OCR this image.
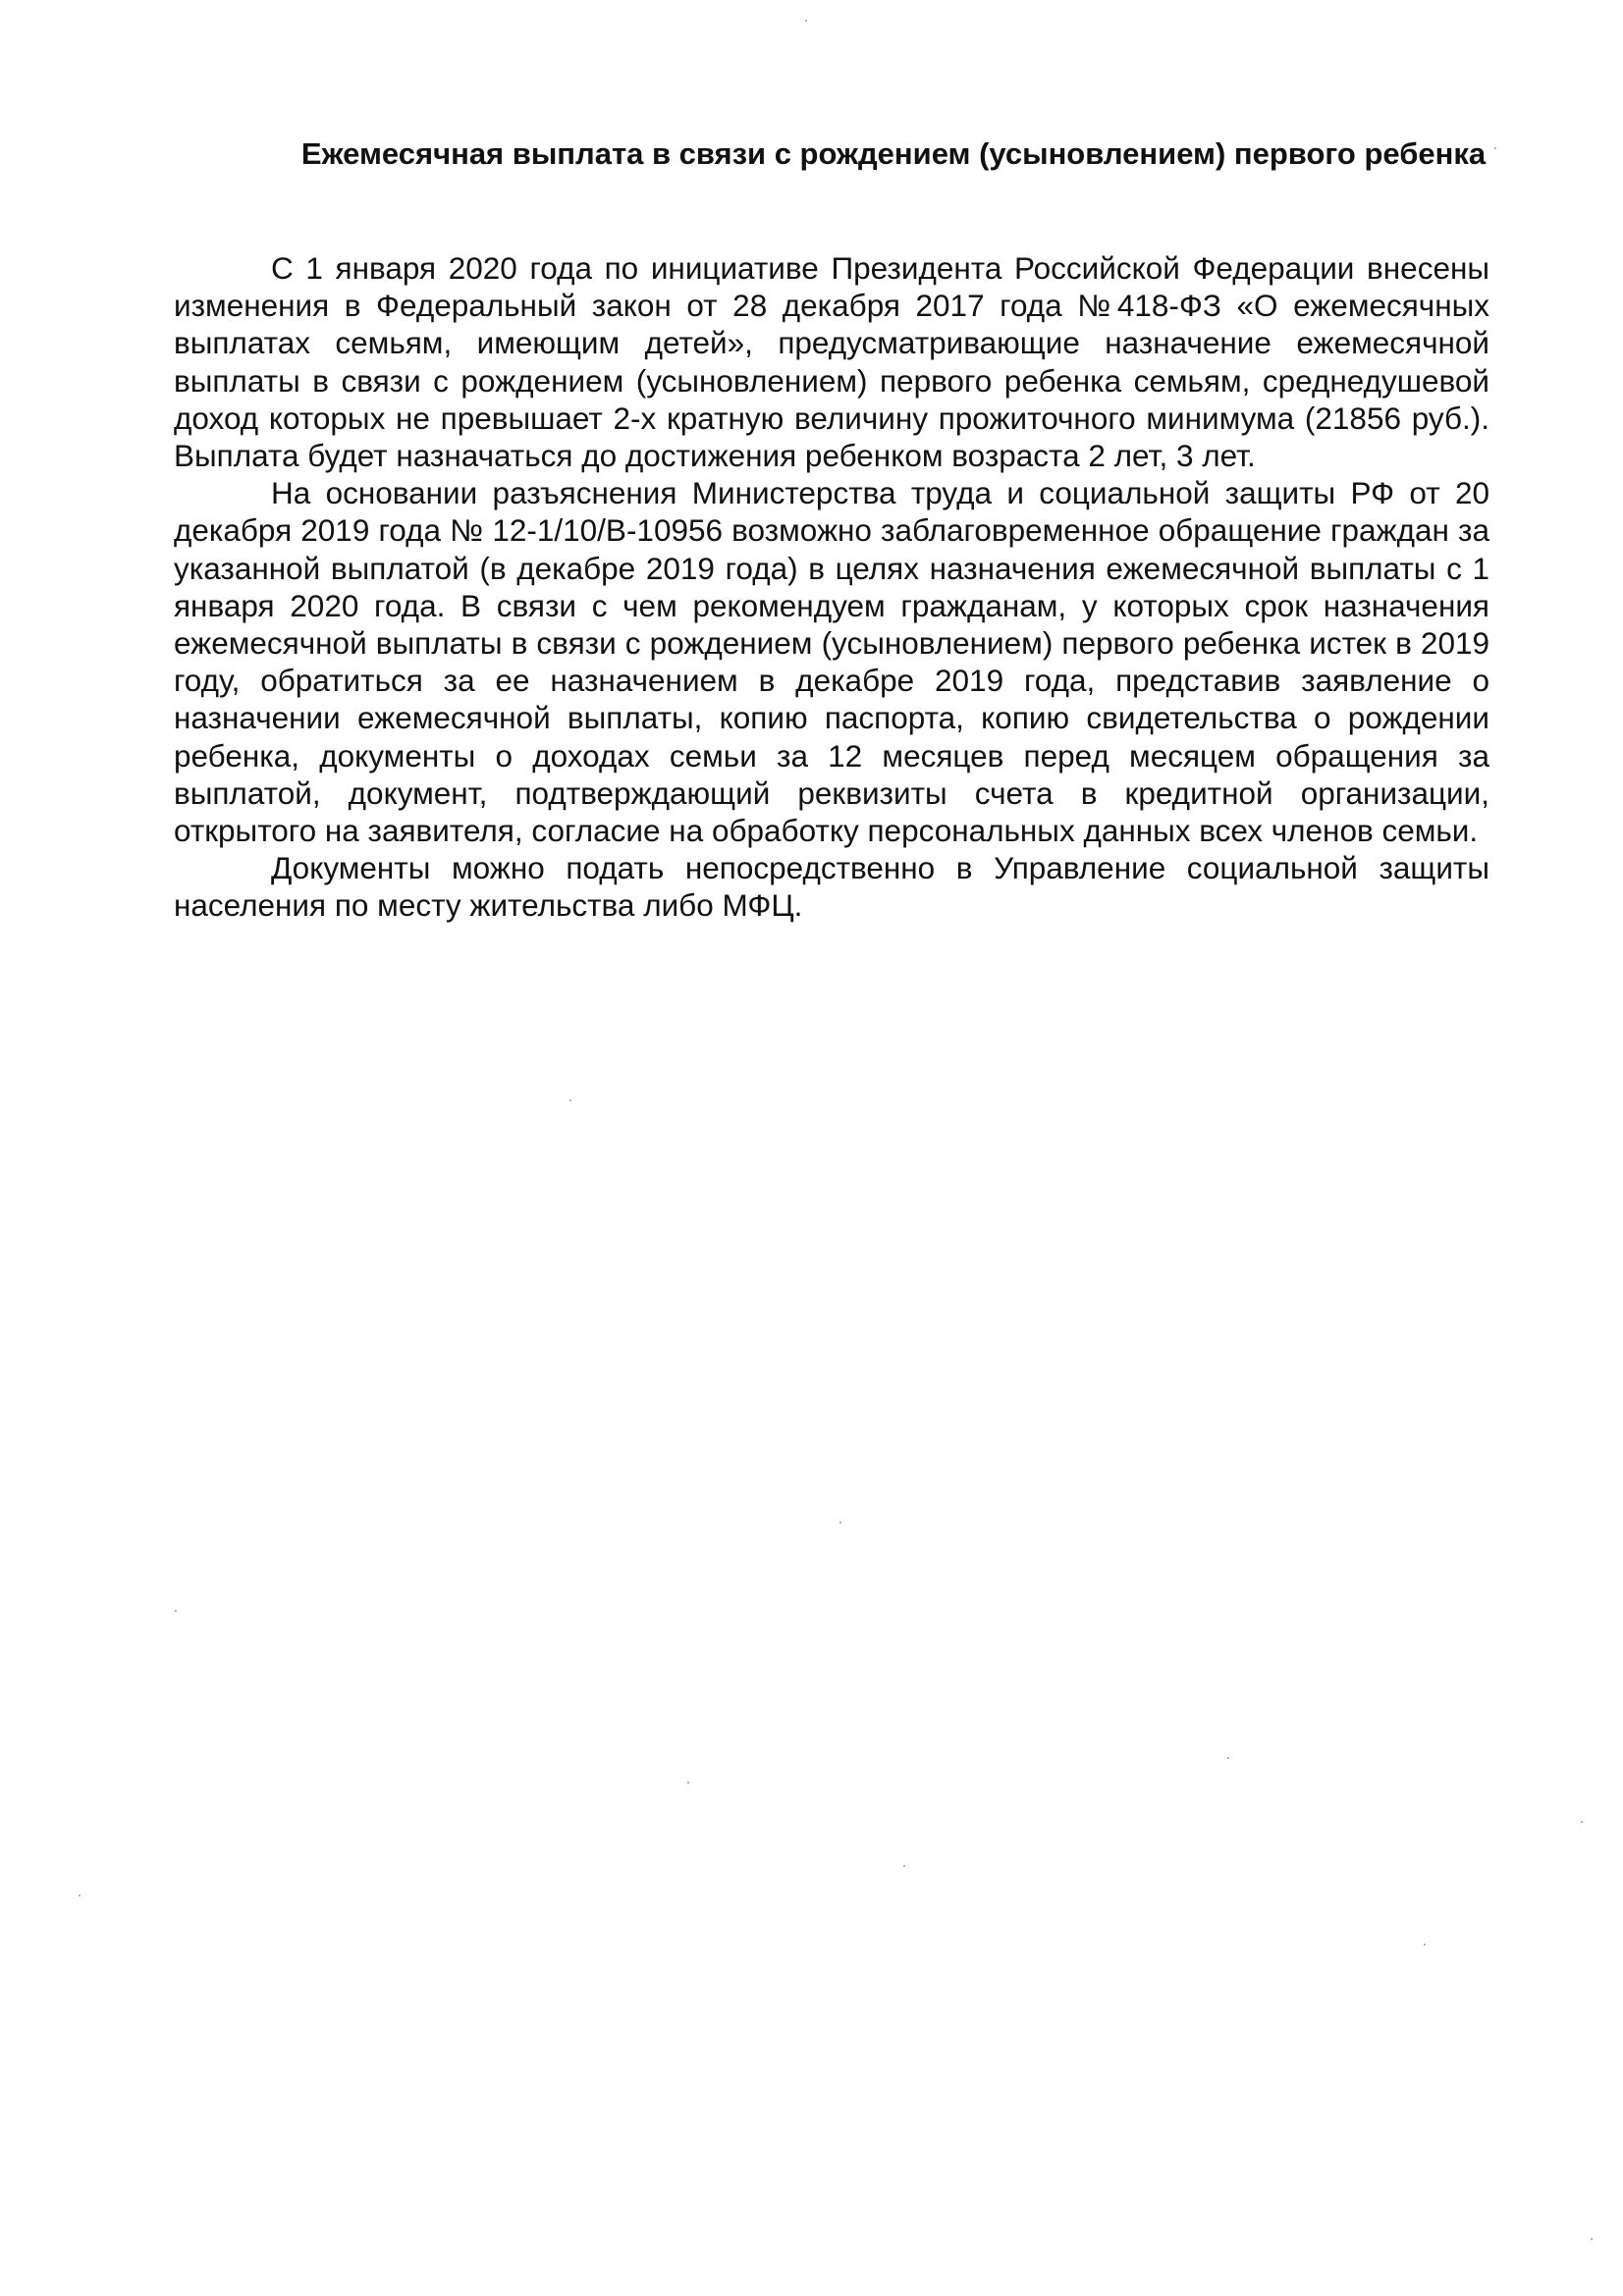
Ежемесячная выплата в связи с рождением (усыновлением) первого ребенка

С 1 января 2020 года по инициативе Президента Российской Федерации внесены изменения в Федеральный закон от 28 декабря 2017 года №418-ФЗ «О ежемесячных выплатах семьям, имеющим детей», предусматривающие назначение ежемесячной выплаты в связи с рождением (усыновлением) первого ребенка семьям, среднедушевой доход которых не превышает 2-х кратную величину прожиточного минимума (21856 руб.). Выплата будет назначаться до достижения ребенком возраста 2 лет, 3 лет.

На основании разъяснения Министерства труда и социальной защиты РФ от 20 декабря 2019 года № 12-1/10/В-10956 возможно заблаговременное обращение граждан за указанной выплатой (в декабре 2019 года) в целях назначения ежемесячной выплаты с 1 января 2020 года. В связи с чем рекомендуем гражданам, у которых срок назначения ежемесячной выплаты в связи с рождением (усыновлением) первого ребенка истек в 2019 году, обратиться за ее назначением в декабре 2019 года, представив заявление о назначении ежемесячной выплаты, копию паспорта, копию свидетельства о рождении ребенка, документы о доходах семьи за 12 месяцев перед месяцем обращения за выплатой, документ, подтверждающий реквизиты счета в кредитной организации, открытого на заявителя, согласие на обработку персональных данных всех членов семьи.

Документы можно подать непосредственно в Управление социальной защиты населения по месту жительства либо МФЦ.
